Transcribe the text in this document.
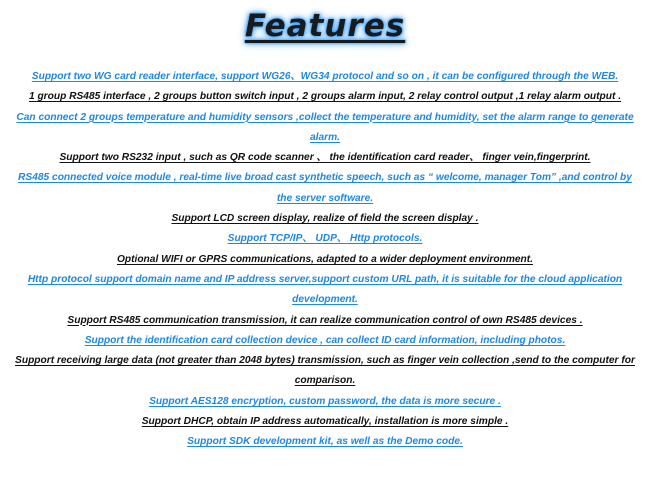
Features

Support two WG card reader interface, support WG26、WG34 protocol and so on , it can be configured through the WEB.

1 group RS485 interface , 2 groups button switch input , 2 groups alarm input, 2 relay control output ,1 relay alarm output .

Can connect 2 groups temperature and humidity sensors ,collect the temperature and humidity, set the alarm range to generate alarm.

Support two RS232 input , such as QR code scanner 、 the identification card reader、 finger vein,fingerprint.

RS485 connected voice module , real-time live broad cast synthetic speech, such as “ welcome, manager Tom” ,and control by the server software.

Support LCD screen display, realize of field the screen display .

Support TCP/IP、 UDP、 Http protocols.

Optional WIFI or GPRS communications, adapted to a wider deployment environment.

Http protocol support domain name and IP address server,support custom URL path, it is suitable for the cloud application development.

Support RS485 communication transmission, it can realize communication control of own RS485 devices .

Support the identification card collection device , can collect ID card information, including photos.

Support receiving large data (not greater than 2048 bytes) transmission, such as finger vein collection ,send to the computer for comparison.

Support AES128 encryption, custom password, the data is more secure .

Support DHCP, obtain IP address automatically, installation is more simple .

Support SDK development kit, as well as the Demo code.
